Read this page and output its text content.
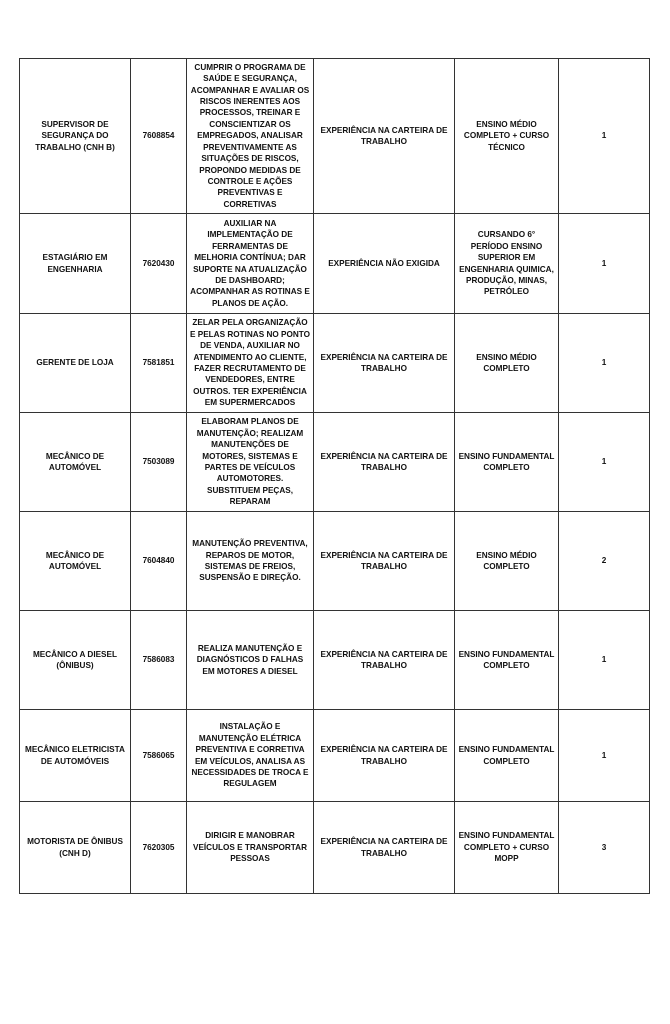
SUPERVISOR DE SEGURANÇA DO TRABALHO (CNH B)	7608854	CUMPRIR O PROGRAMA DE SAÚDE E SEGURANÇA, ACOMPANHAR E AVALIAR OS RISCOS INERENTES AOS PROCESSOS, TREINAR E CONSCIENTIZAR OS EMPREGADOS, ANALISAR PREVENTIVAMENTE AS SITUAÇÕES DE RISCOS, PROPONDO MEDIDAS DE CONTROLE E AÇÕES PREVENTIVAS E CORRETIVAS	EXPERIÊNCIA NA CARTEIRA DE TRABALHO	ENSINO MÉDIO COMPLETO + CURSO TÉCNICO	1
ESTAGIÁRIO EM ENGENHARIA	7620430	AUXILIAR NA IMPLEMENTAÇÃO DE FERRAMENTAS DE MELHORIA CONTÍNUA; DAR SUPORTE NA ATUALIZAÇÃO DE DASHBOARD; ACOMPANHAR AS ROTINAS E PLANOS DE AÇÃO.	EXPERIÊNCIA NÃO EXIGIDA	CURSANDO 6° PERÍODO ENSINO SUPERIOR EM ENGENHARIA QUIMICA, PRODUÇÃO, MINAS, PETRÓLEO	1
GERENTE DE LOJA	7581851	ZELAR PELA ORGANIZAÇÃO E PELAS ROTINAS NO PONTO DE VENDA, AUXILIAR NO ATENDIMENTO AO CLIENTE, FAZER RECRUTAMENTO DE VENDEDORES, ENTRE OUTROS. TER EXPERIÊNCIA EM SUPERMERCADOS	EXPERIÊNCIA NA CARTEIRA DE TRABALHO	ENSINO MÉDIO COMPLETO	1
MECÂNICO DE AUTOMÓVEL	7503089	ELABORAM PLANOS DE MANUTENÇÃO; REALIZAM MANUTENÇÕES DE MOTORES, SISTEMAS E PARTES DE VEÍCULOS AUTOMOTORES. SUBSTITUEM PEÇAS, REPARAM	EXPERIÊNCIA NA CARTEIRA DE TRABALHO	ENSINO FUNDAMENTAL COMPLETO	1
MECÂNICO DE AUTOMÓVEL	7604840	MANUTENÇÃO PREVENTIVA, REPAROS DE MOTOR, SISTEMAS DE FREIOS, SUSPENSÃO E DIREÇÃO.	EXPERIÊNCIA NA CARTEIRA DE TRABALHO	ENSINO MÉDIO COMPLETO	2
MECÂNICO A DIESEL (ÔNIBUS)	7586083	REALIZA MANUTENÇÃO E DIAGNÓSTICOS D FALHAS EM MOTORES A DIESEL	EXPERIÊNCIA NA CARTEIRA DE TRABALHO	ENSINO FUNDAMENTAL COMPLETO	1
MECÂNICO ELETRICISTA DE AUTOMÓVEIS	7586065	INSTALAÇÃO E MANUTENÇÃO ELÉTRICA PREVENTIVA E CORRETIVA EM VEÍCULOS, ANALISA AS NECESSIDADES DE TROCA E REGULAGEM	EXPERIÊNCIA NA CARTEIRA DE TRABALHO	ENSINO FUNDAMENTAL COMPLETO	1
MOTORISTA DE ÔNIBUS (CNH D)	7620305	DIRIGIR E MANOBRAR VEÍCULOS E TRANSPORTAR PESSOAS	EXPERIÊNCIA NA CARTEIRA DE TRABALHO	ENSINO FUNDAMENTAL COMPLETO + CURSO MOPP	3
